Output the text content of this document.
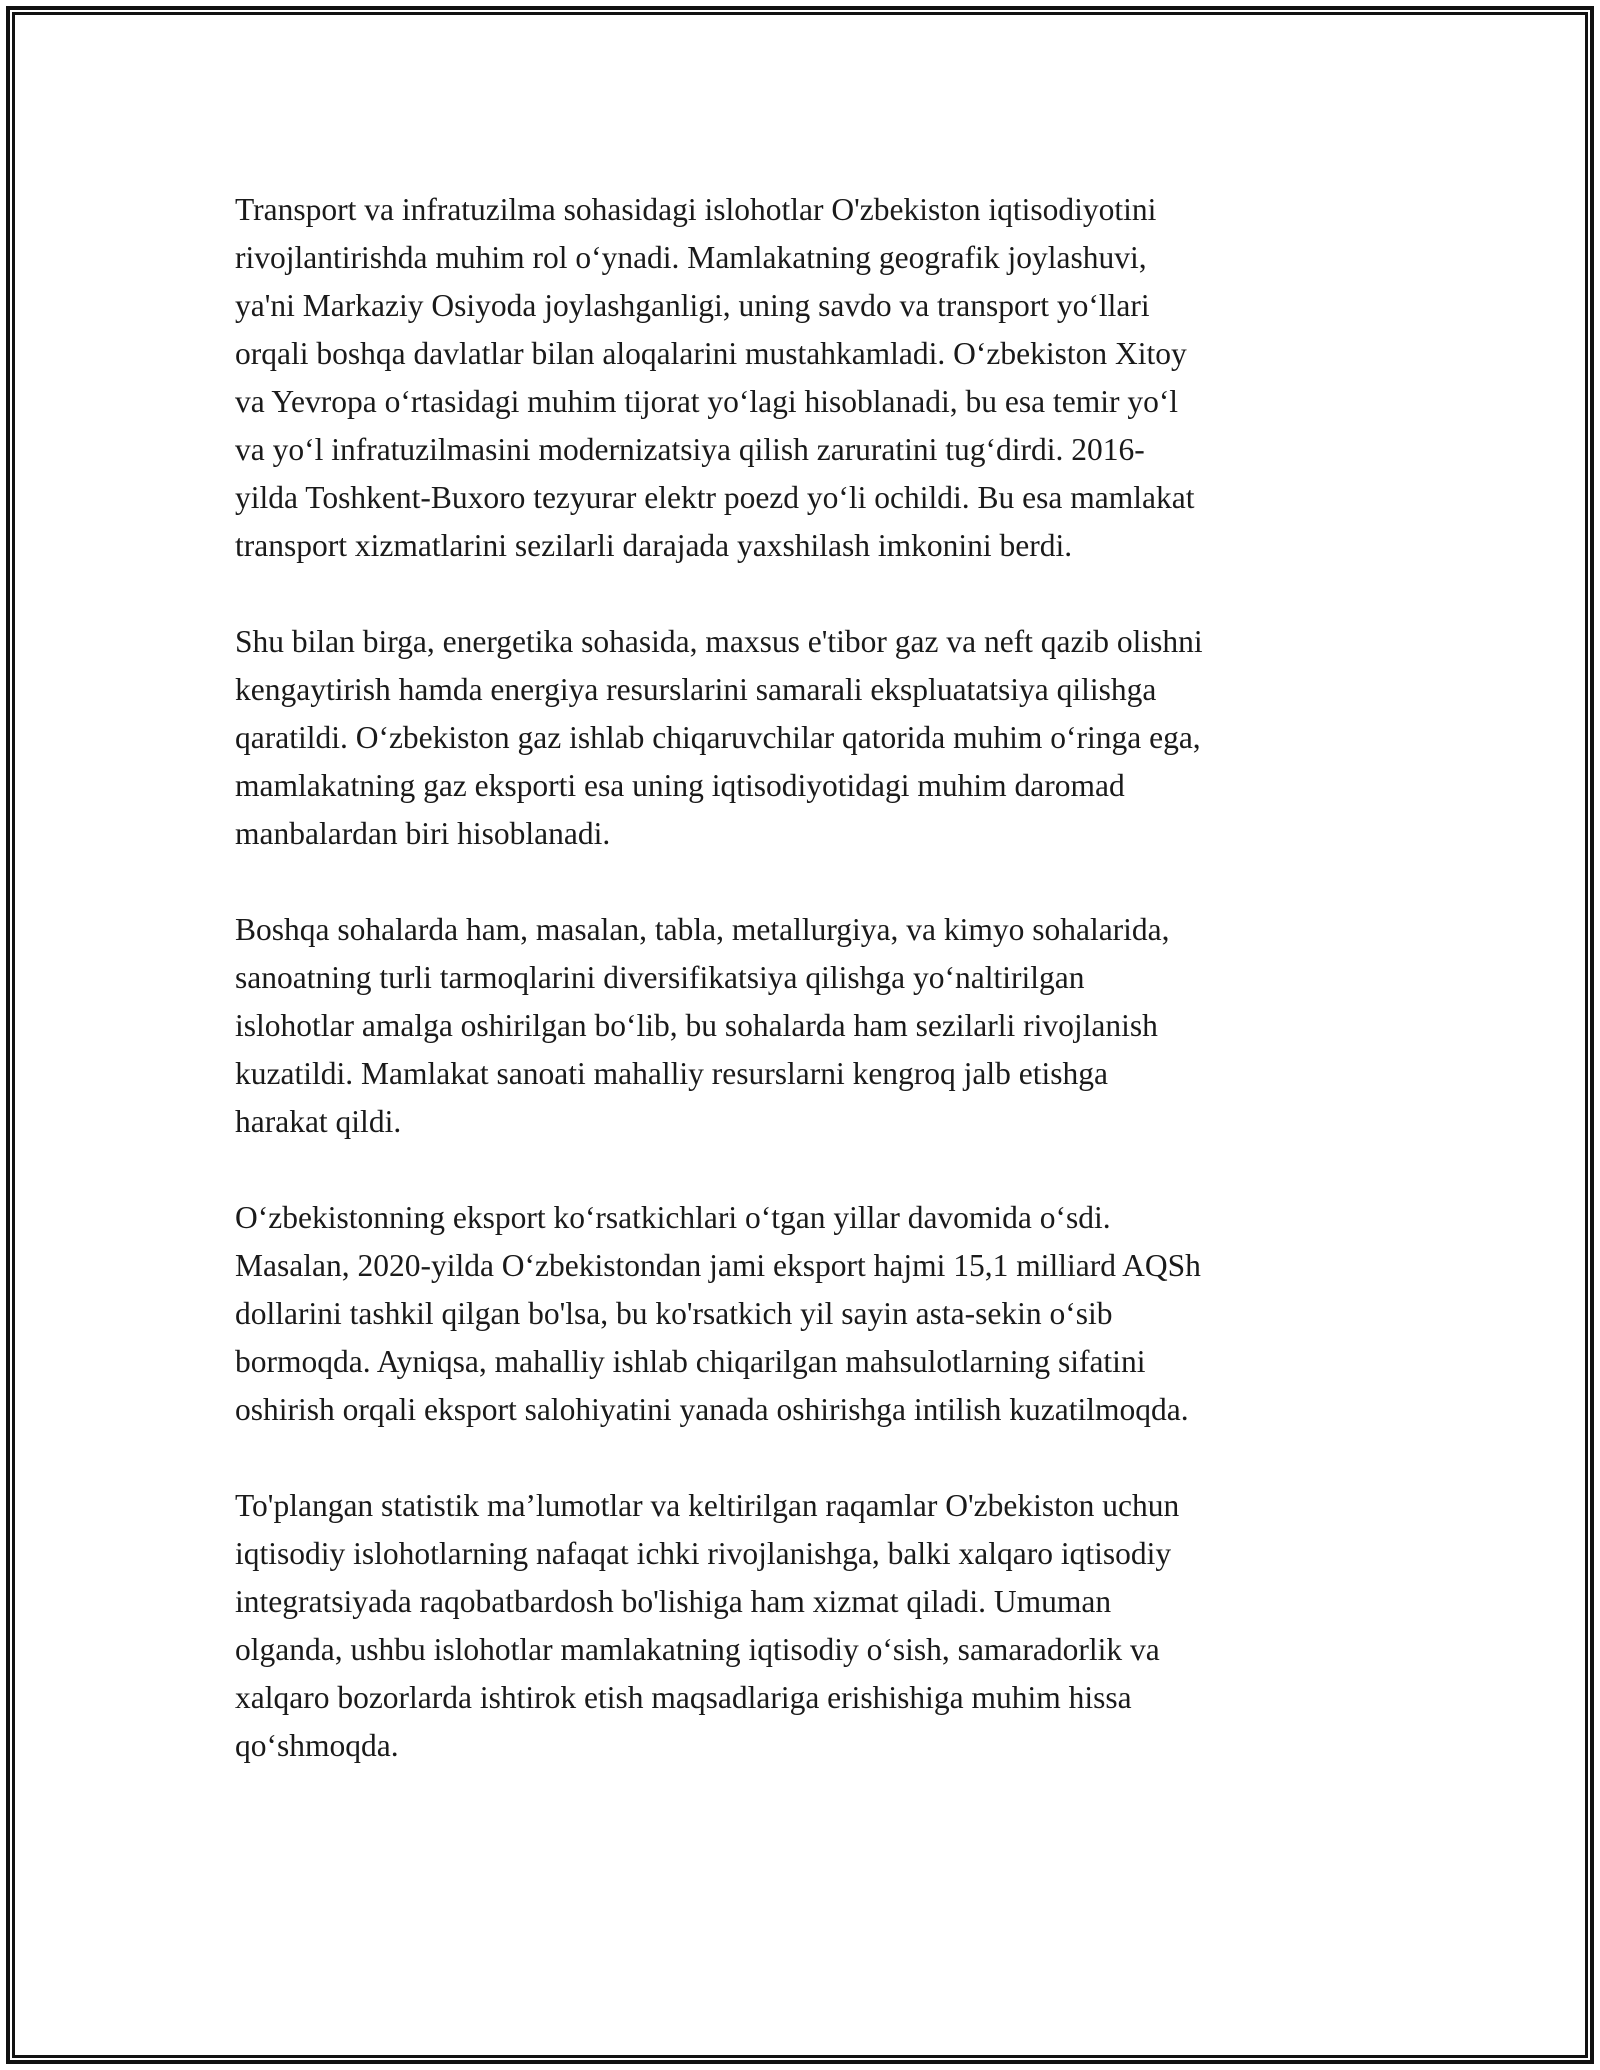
Transport va infratuzilma sohasidagi islohotlar O'zbekiston iqtisodiyotini
rivojlantirishda muhim rol oʻynadi. Mamlakatning geografik joylashuvi,
ya'ni Markaziy Osiyoda joylashganligi, uning savdo va transport yoʻllari
orqali boshqa davlatlar bilan aloqalarini mustahkamladi. Oʻzbekiston Xitoy
va Yevropa oʻrtasidagi muhim tijorat yoʻlagi hisoblanadi, bu esa temir yoʻl
va yoʻl infratuzilmasini modernizatsiya qilish zaruratini tugʻdirdi. 2016-
yilda Toshkent-Buxoro tezyurar elektr poezd yoʻli ochildi. Bu esa mamlakat
transport xizmatlarini sezilarli darajada yaxshilash imkonini berdi.

Shu bilan birga, energetika sohasida, maxsus e'tibor gaz va neft qazib olishni
kengaytirish hamda energiya resurslarini samarali ekspluatatsiya qilishga
qaratildi. Oʻzbekiston gaz ishlab chiqaruvchilar qatorida muhim oʻringa ega,
mamlakatning gaz eksporti esa uning iqtisodiyotidagi muhim daromad
manbalardan biri hisoblanadi.

Boshqa sohalarda ham, masalan, tabla, metallurgiya, va kimyo sohalarida,
sanoatning turli tarmoqlarini diversifikatsiya qilishga yoʻnaltirilgan
islohotlar amalga oshirilgan boʻlib, bu sohalarda ham sezilarli rivojlanish
kuzatildi. Mamlakat sanoati mahalliy resurslarni kengroq jalb etishga
harakat qildi.

Oʻzbekistonning eksport koʻrsatkichlari oʻtgan yillar davomida oʻsdi.
Masalan, 2020-yilda Oʻzbekistondan jami eksport hajmi 15,1 milliard AQSh
dollarini tashkil qilgan bo'lsa, bu ko'rsatkich yil sayin asta-sekin oʻsib
bormoqda. Ayniqsa, mahalliy ishlab chiqarilgan mahsulotlarning sifatini
oshirish orqali eksport salohiyatini yanada oshirishga intilish kuzatilmoqda.

To'plangan statistik ma’lumotlar va keltirilgan raqamlar O'zbekiston uchun
iqtisodiy islohotlarning nafaqat ichki rivojlanishga, balki xalqaro iqtisodiy
integratsiyada raqobatbardosh bo'lishiga ham xizmat qiladi. Umuman
olganda, ushbu islohotlar mamlakatning iqtisodiy oʻsish, samaradorlik va
xalqaro bozorlarda ishtirok etish maqsadlariga erishishiga muhim hissa
qoʻshmoqda.
